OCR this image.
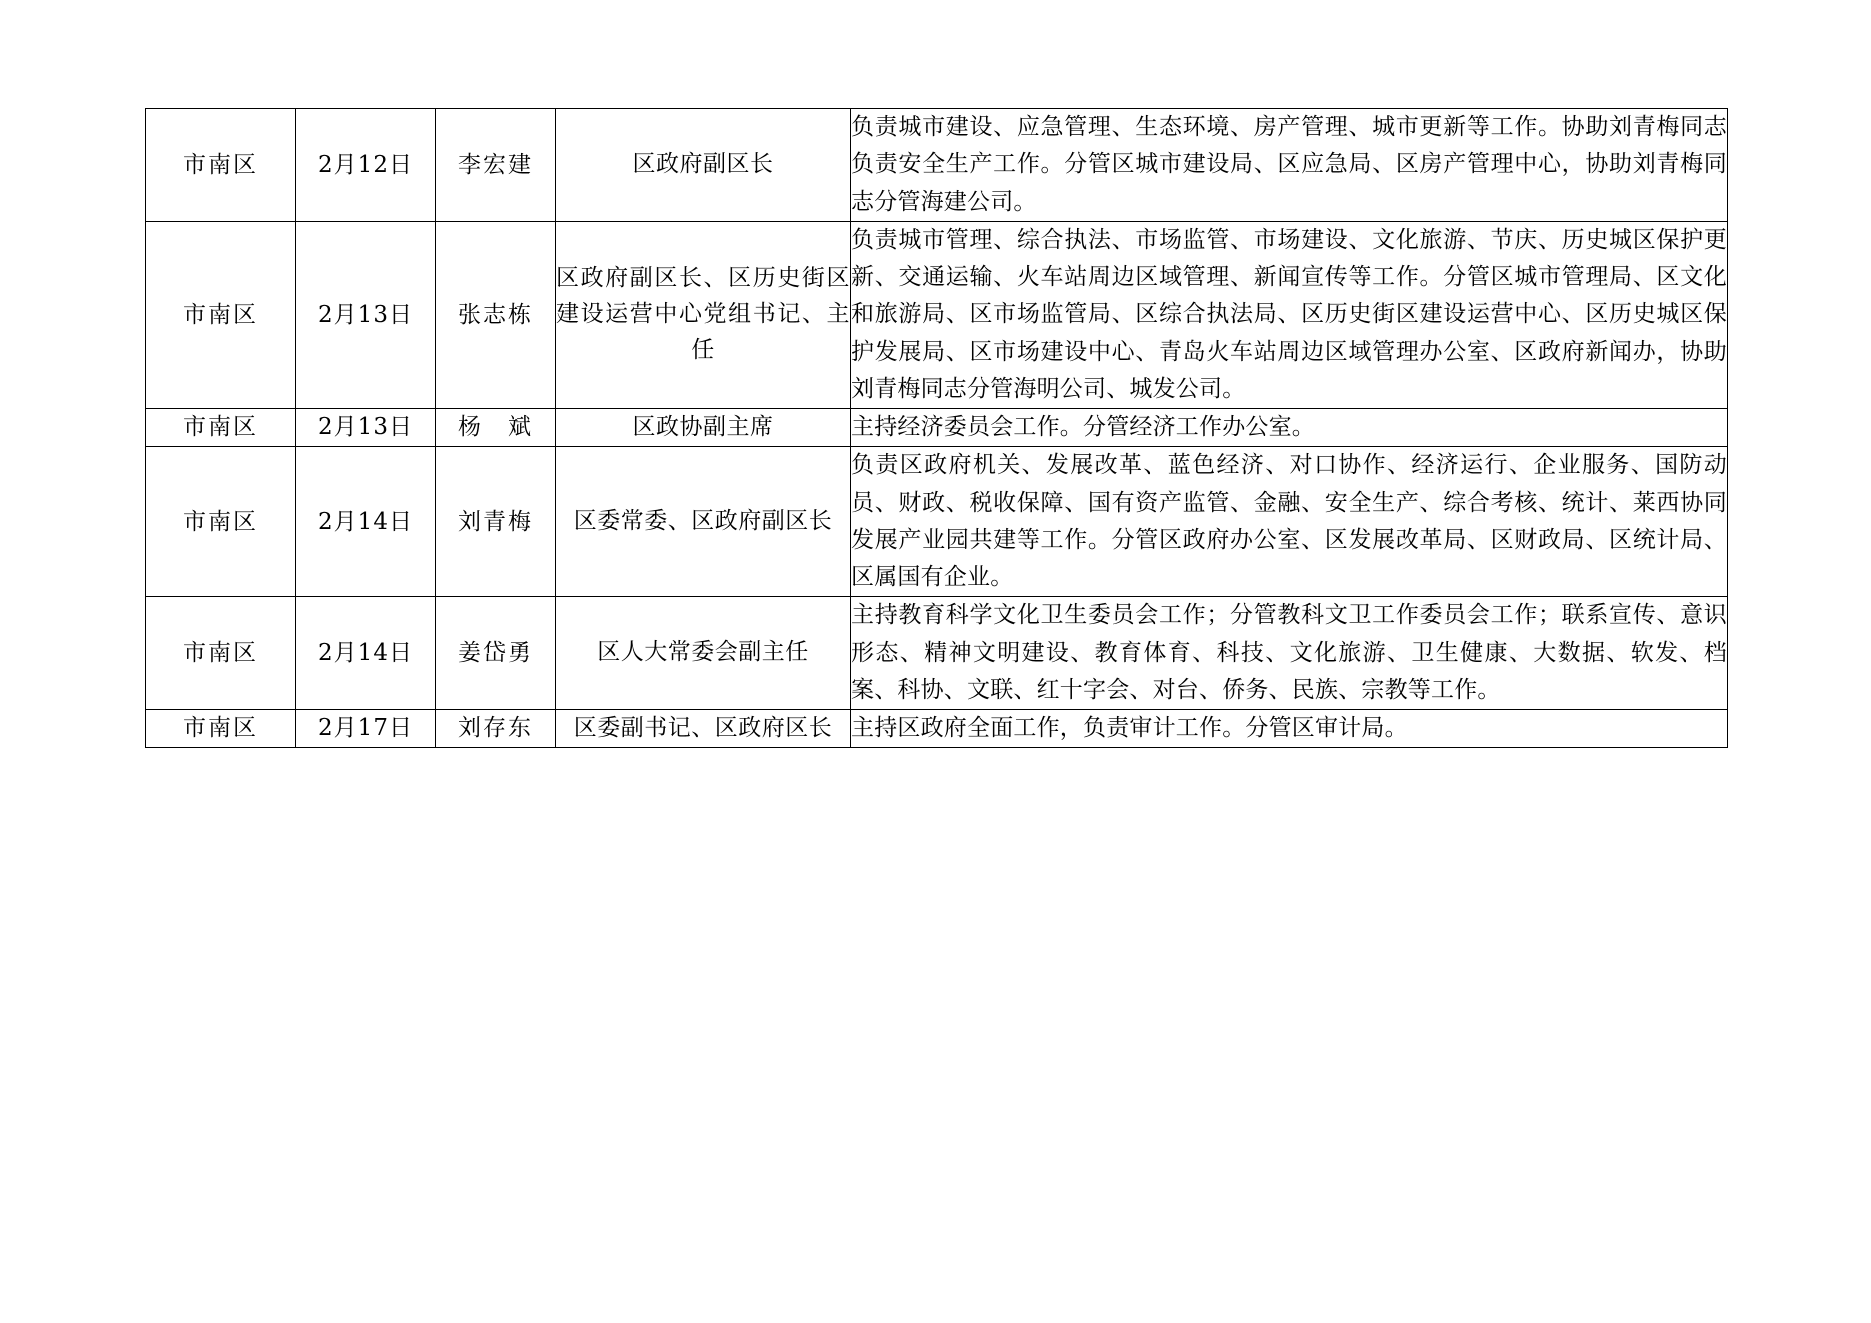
市南区	2月12日	李宏建	区政府副区长	负责城市建设、应急管理、生态环境、房产管理、城市更新等工作。协助刘青梅同志负责安全生产工作。分管区城市建设局、区应急局、区房产管理中心，协助刘青梅同志分管海建公司。
市南区	2月13日	张志栋	区政府副区长、区历史街区建设运营中心党组书记、主任	负责城市管理、综合执法、市场监管、市场建设、文化旅游、节庆、历史城区保护更新、交通运输、火车站周边区域管理、新闻宣传等工作。分管区城市管理局、区文化和旅游局、区市场监管局、区综合执法局、区历史街区建设运营中心、区历史城区保护发展局、区市场建设中心、青岛火车站周边区域管理办公室、区政府新闻办，协助刘青梅同志分管海明公司、城发公司。
市南区	2月13日	杨　斌	区政协副主席	主持经济委员会工作。分管经济工作办公室。
市南区	2月14日	刘青梅	区委常委、区政府副区长	负责区政府机关、发展改革、蓝色经济、对口协作、经济运行、企业服务、国防动员、财政、税收保障、国有资产监管、金融、安全生产、综合考核、统计、莱西协同发展产业园共建等工作。分管区政府办公室、区发展改革局、区财政局、区统计局、区属国有企业。
市南区	2月14日	姜岱勇	区人大常委会副主任	主持教育科学文化卫生委员会工作；分管教科文卫工作委员会工作；联系宣传、意识形态、精神文明建设、教育体育、科技、文化旅游、卫生健康、大数据、软发、档案、科协、文联、红十字会、对台、侨务、民族、宗教等工作。
市南区	2月17日	刘存东	区委副书记、区政府区长	主持区政府全面工作，负责审计工作。分管区审计局。
